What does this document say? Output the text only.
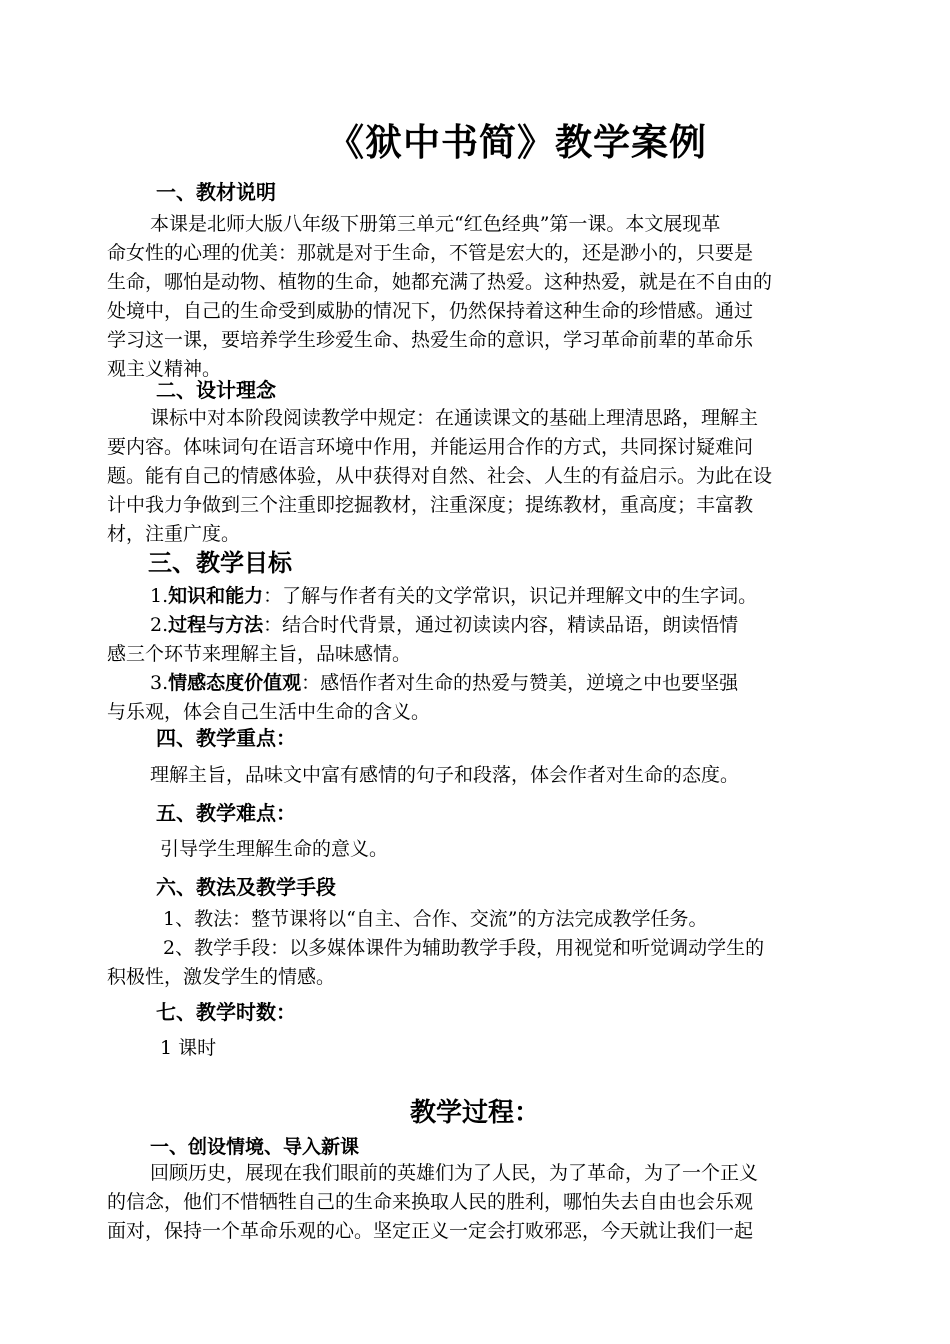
《狱中书简》教学案例
一、教材说明
本课是北师大版八年级下册第三单元“红色经典”第一课。本文展现革
命女性的心理的优美：那就是对于生命，不管是宏大的，还是渺小的，只要是
生命，哪怕是动物、植物的生命，她都充满了热爱。这种热爱，就是在不自由的
处境中，自己的生命受到威胁的情况下，仍然保持着这种生命的珍惜感。通过
学习这一课，要培养学生珍爱生命、热爱生命的意识，学习革命前辈的革命乐
观主义精神。
二、设计理念
课标中对本阶段阅读教学中规定：在通读课文的基础上理清思路，理解主
要内容。体味词句在语言环境中作用，并能运用合作的方式，共同探讨疑难问
题。能有自己的情感体验，从中获得对自然、社会、人生的有益启示。为此在设
计中我力争做到三个注重即挖掘教材，注重深度；提练教材，重高度；丰富教
材，注重广度。
三、教学目标
1.知识和能力：了解与作者有关的文学常识，识记并理解文中的生字词。
2.过程与方法：结合时代背景，通过初读读内容，精读品语，朗读悟情
感三个环节来理解主旨，品味感情。
3.情感态度价值观：感悟作者对生命的热爱与赞美，逆境之中也要坚强
与乐观，体会自己生活中生命的含义。
四、教学重点：
理解主旨，品味文中富有感情的句子和段落，体会作者对生命的态度。
五、教学难点：
引导学生理解生命的意义。
六、教法及教学手段
1、教法：整节课将以“自主、合作、交流”的方法完成教学任务。
2、教学手段：以多媒体课件为辅助教学手段，用视觉和听觉调动学生的
积极性，激发学生的情感。
七、教学时数：
1 课时
教学过程：
一、创设情境、导入新课
回顾历史，展现在我们眼前的英雄们为了人民，为了革命，为了一个正义
的信念，他们不惜牺牲自己的生命来换取人民的胜利，哪怕失去自由也会乐观
面对，保持一个革命乐观的心。坚定正义一定会打败邪恶，今天就让我们一起
